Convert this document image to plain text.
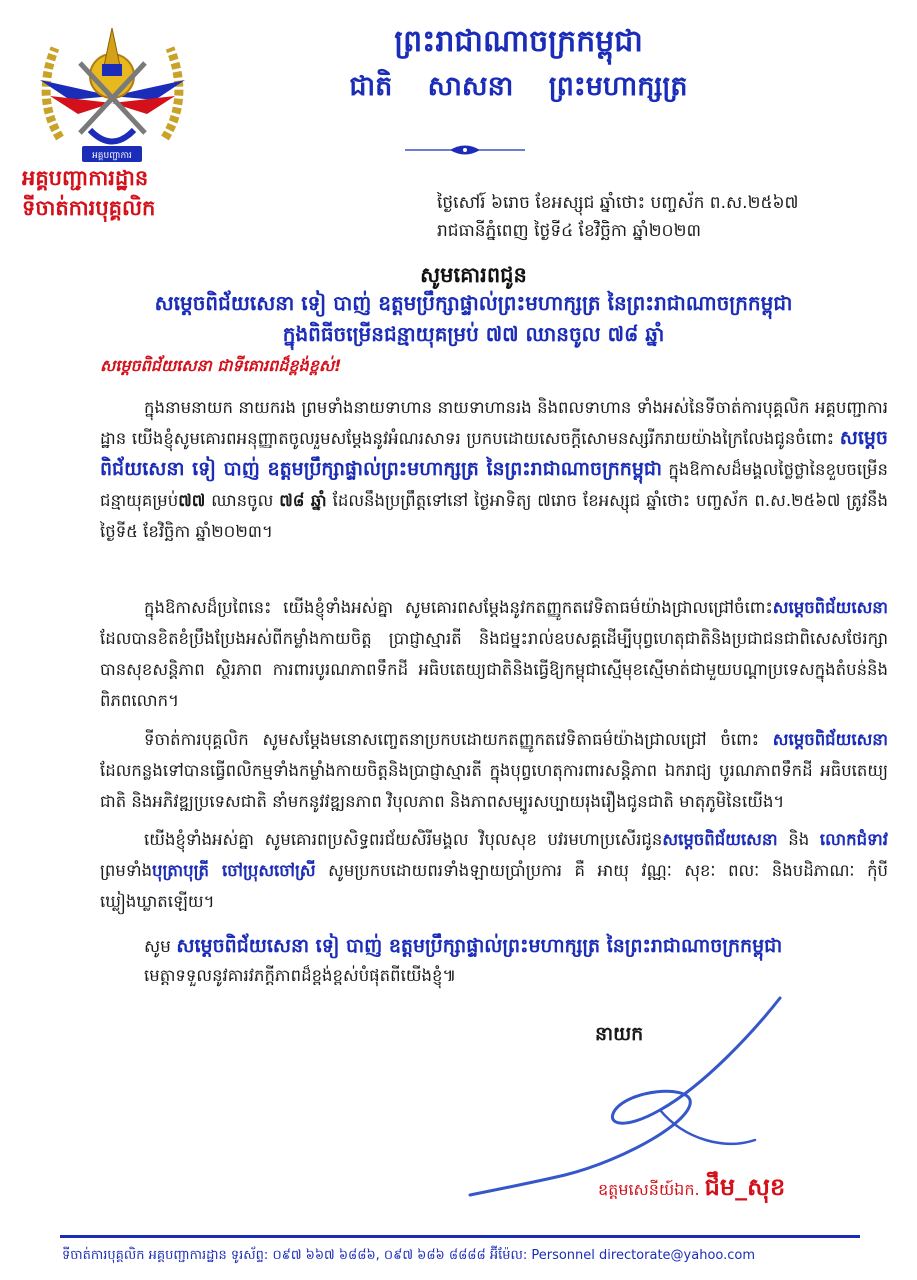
អគ្គបញ្ជាការ
ព្រះរាជាណាចក្រកម្ពុជា
ជាតិ សាសនា ព្រះមហាក្សត្រ
អគ្គបញ្ជាការដ្ឋាន
ទីចាត់ការបុគ្គលិក	ថ្ងៃសៅរ៍ ៦រោច ខែអស្សុជ ឆ្នាំថោះ បញ្ចស័ក ព.ស.២៥៦៧
រាជធានីភ្នំពេញ ថ្ងៃទី៤ ខែវិច្ឆិកា ឆ្នាំ២០២៣
សូមគោរពជូន
សម្ដេចពិជ័យសេនា ទៀ បាញ់ ឧត្តមប្រឹក្សាផ្ទាល់ព្រះមហាក្សត្រ នៃព្រះរាជាណាចក្រកម្ពុជា
ក្នុងពិធីចម្រើនជន្មាយុគម្រប់ ៧៧ ឈានចូល ៧៨ ឆ្នាំ
សម្ដេចពិជ័យសេនា ជាទីគោរពដ៏ខ្ពង់ខ្ពស់!

ក្នុងនាមនាយក នាយករង ព្រមទាំងនាយទាហាន នាយទាហានរង និងពលទាហាន ទាំងអស់នៃទីចាត់ការបុគ្គលិក អគ្គបញ្ជាការដ្ឋាន យើងខ្ញុំសូមគោរពអនុញ្ញាតចូលរួមសម្តែងនូវអំណរសាទរ ប្រកបដោយសេចក្តីសោមនស្សរីករាយយ៉ាងក្រៃលែងជូនចំពោះ សម្ដេចពិជ័យសេនា ទៀ បាញ់ ឧត្តមប្រឹក្សាផ្ទាល់ព្រះមហាក្សត្រ នៃព្រះរាជាណាចក្រកម្ពុជា ក្នុងឱកាសដ៏មង្គលថ្លៃថ្លានៃខួបចម្រើនជន្មាយុគម្រប់៧៧ ឈានចូល ៧៨ ឆ្នាំ ដែលនឹងប្រព្រឹត្តទៅនៅ ថ្ងៃអាទិត្យ ៧រោច ខែអស្សុជ ឆ្នាំថោះ បញ្ចស័ក ព.ស.២៥៦៧ ត្រូវនឹងថ្ងៃទី៥ ខែវិច្ឆិកា ឆ្នាំ២០២៣។

ក្នុងឱកាសដ៏ប្រពៃនេះ យើងខ្ញុំទាំងអស់គ្នា សូមគោរពសម្តែងនូវកតញ្ញូកតវេទិតាធម៌យ៉ាងជ្រាលជ្រៅចំពោះសម្ដេចពិជ័យសេនា ដែលបានខិតខំប្រឹងប្រែងអស់ពីកម្លាំងកាយចិត្ត ប្រាជ្ញាស្មារតី និងជម្នះរាល់ឧបសគ្គដើម្បីបុព្វហេតុជាតិនិងប្រជាជនជាពិសេសថែរក្សាបានសុខសន្តិភាព ស្ថិរភាព ការពារបូរណភាពទឹកដី អធិបតេយ្យជាតិនិងធ្វើឱ្យកម្ពុជាស្មើមុខស្មើមាត់ជាមួយបណ្តាប្រទេសក្នុងតំបន់និងពិភពលោក។

ទីចាត់ការបុគ្គលិក សូមសម្តែងមនោសញ្ចេតនាប្រកបដោយកតញ្ញូកតវេទិតាធម៌យ៉ាងជ្រាលជ្រៅ ចំពោះ សម្ដេចពិជ័យសេនា ដែលកន្លងទៅបានធ្វើពលិកម្មទាំងកម្លាំងកាយចិត្តនិងប្រាជ្ញាស្មារតី ក្នុងបុព្វហេតុការពារសន្តិភាព ឯករាជ្យ បូរណភាពទឹកដី អធិបតេយ្យជាតិ និងអភិវឌ្ឍប្រទេសជាតិ នាំមកនូវវឌ្ឍនភាព វិបុលភាព និងភាពសម្បូរសប្បាយរុងរឿងជូនជាតិ មាតុភូមិនៃយើង។

យើងខ្ញុំទាំងអស់គ្នា សូមគោរពប្រសិទ្ធពរជ័យសិរីមង្គល វិបុលសុខ បវរមហាប្រសើរជូនសម្ដេចពិជ័យសេនា និង លោកជំទាវ ព្រមទាំងបុត្រាបុត្រី ចៅប្រុសចៅស្រី សូមប្រកបដោយពរទាំងឡាយប្រាំប្រការ គឺ អាយុ វណ្ណៈ សុខៈ ពលៈ និងបដិភាណៈ កុំបីឃ្លៀងឃ្លាតឡើយ។

សូម សម្ដេចពិជ័យសេនា ទៀ បាញ់ ឧត្តមប្រឹក្សាផ្ទាល់ព្រះមហាក្សត្រ នៃព្រះរាជាណាចក្រកម្ពុជា
មេត្តាទទួលនូវគារវភក្តីភាពដ៏ខ្ពង់ខ្ពស់បំផុតពីយើងខ្ញុំ៕
នាយក
ឧត្តមសេនីយ៍ឯក. ជឹម_សុខ
ទីចាត់ការបុគ្គលិក អគ្គបញ្ជាការដ្ឋាន ទូរស័ព្ទ: ០៩៧ ៦៦៧ ៦៨៨៦, ០៩៧ ៦៨៦ ៨៨៨៨ អ៊ីម៉ែល: Personnel directorate@yahoo.com
